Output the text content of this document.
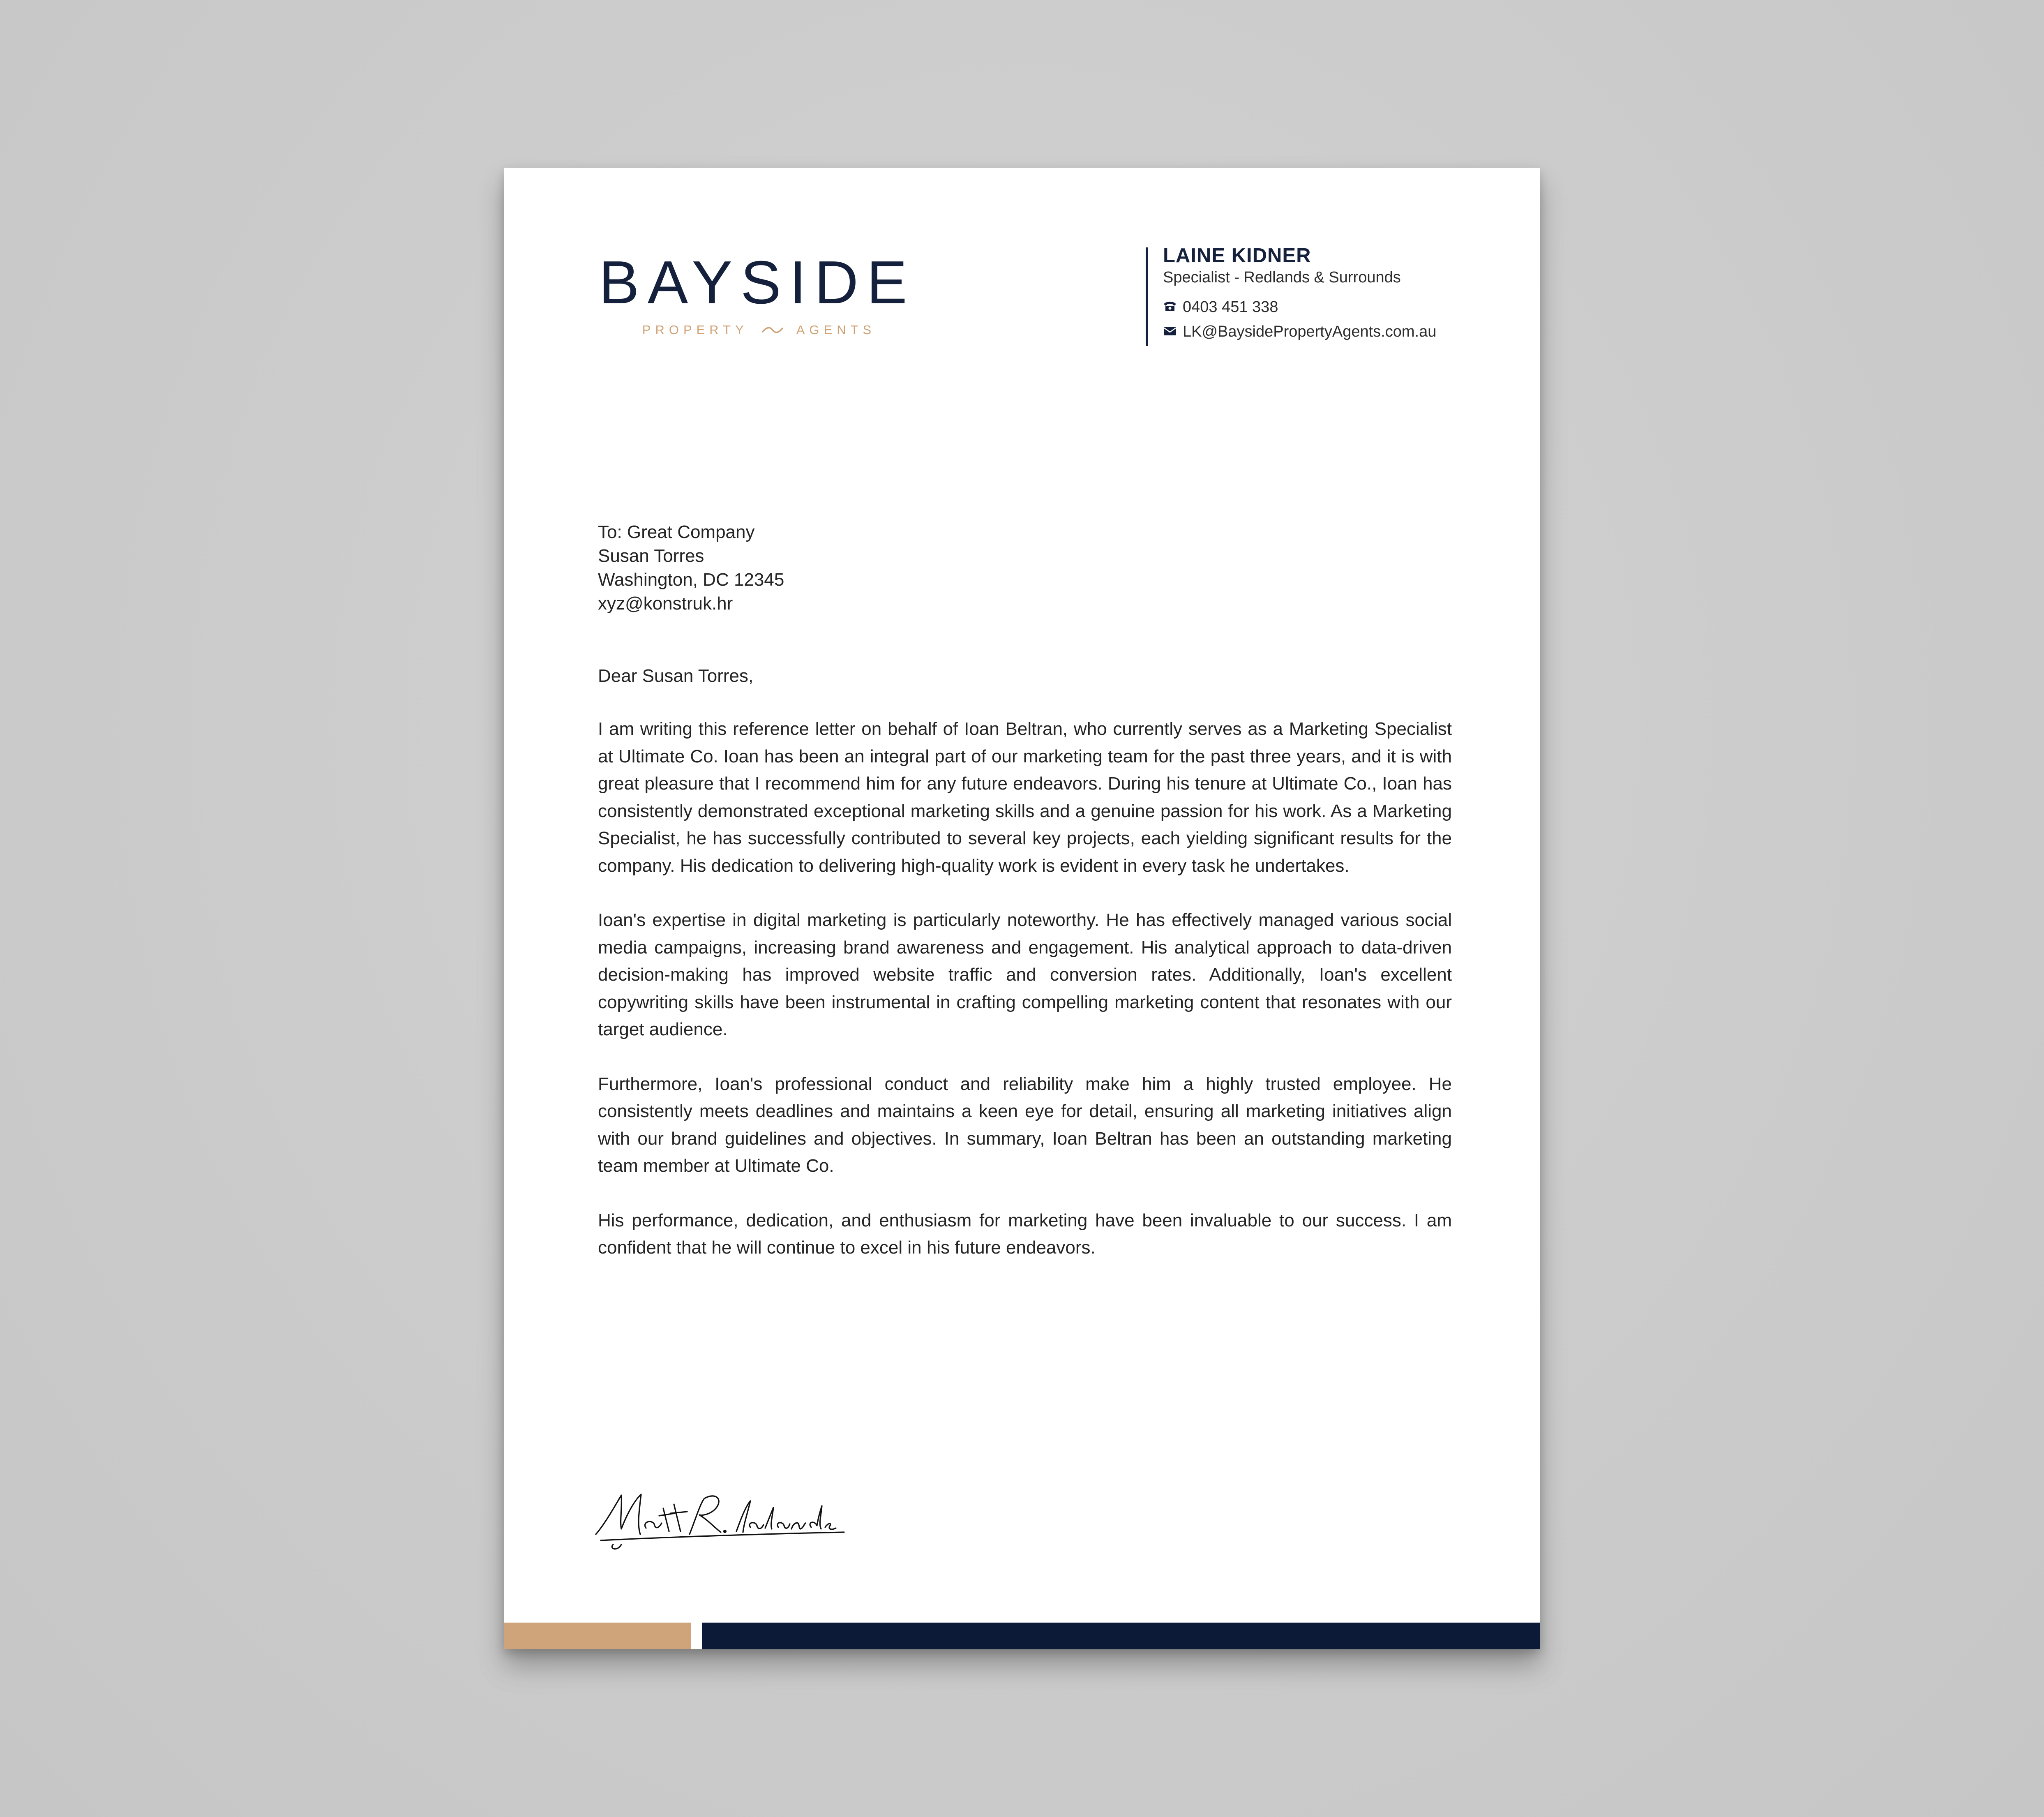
BAYSIDE
PROPERTY	AGENTS
LAINE KIDNER
Specialist - Redlands & Surrounds
0403 451 338
LK@BaysidePropertyAgents.com.au
To: Great Company
Susan Torres
Washington, DC 12345
xyz@konstruk.hr
Dear Susan Torres,

I am writing this reference letter on behalf of Ioan Beltran, who currently serves as a Marketing Specialist at Ultimate Co. Ioan has been an integral part of our marketing team for the past three years, and it is with great pleasure that I recommend him for any future endeavors. During his tenure at Ultimate Co., Ioan has consistently demonstrated exceptional marketing skills and a genuine passion for his work. As a Marketing Specialist, he has successfully contributed to several key projects, each yielding significant results for the company. His dedication to delivering high-quality work is evident in every task he undertakes.

Ioan's expertise in digital marketing is particularly noteworthy. He has effectively managed various social media campaigns, increasing brand awareness and engagement. His analytical approach to data-driven decision-making has improved website traffic and conversion rates. Additionally, Ioan's excellent copywriting skills have been instrumental in crafting compelling marketing content that resonates with our target audience.

Furthermore, Ioan's professional conduct and reliability make him a highly trusted employee. He consistently meets deadlines and maintains a keen eye for detail, ensuring all marketing initiatives align with our brand guidelines and objectives. In summary, Ioan Beltran has been an outstanding marketing team member at Ultimate Co.

His performance, dedication, and enthusiasm for marketing have been invaluable to our success. I am confident that he will continue to excel in his future endeavors.
